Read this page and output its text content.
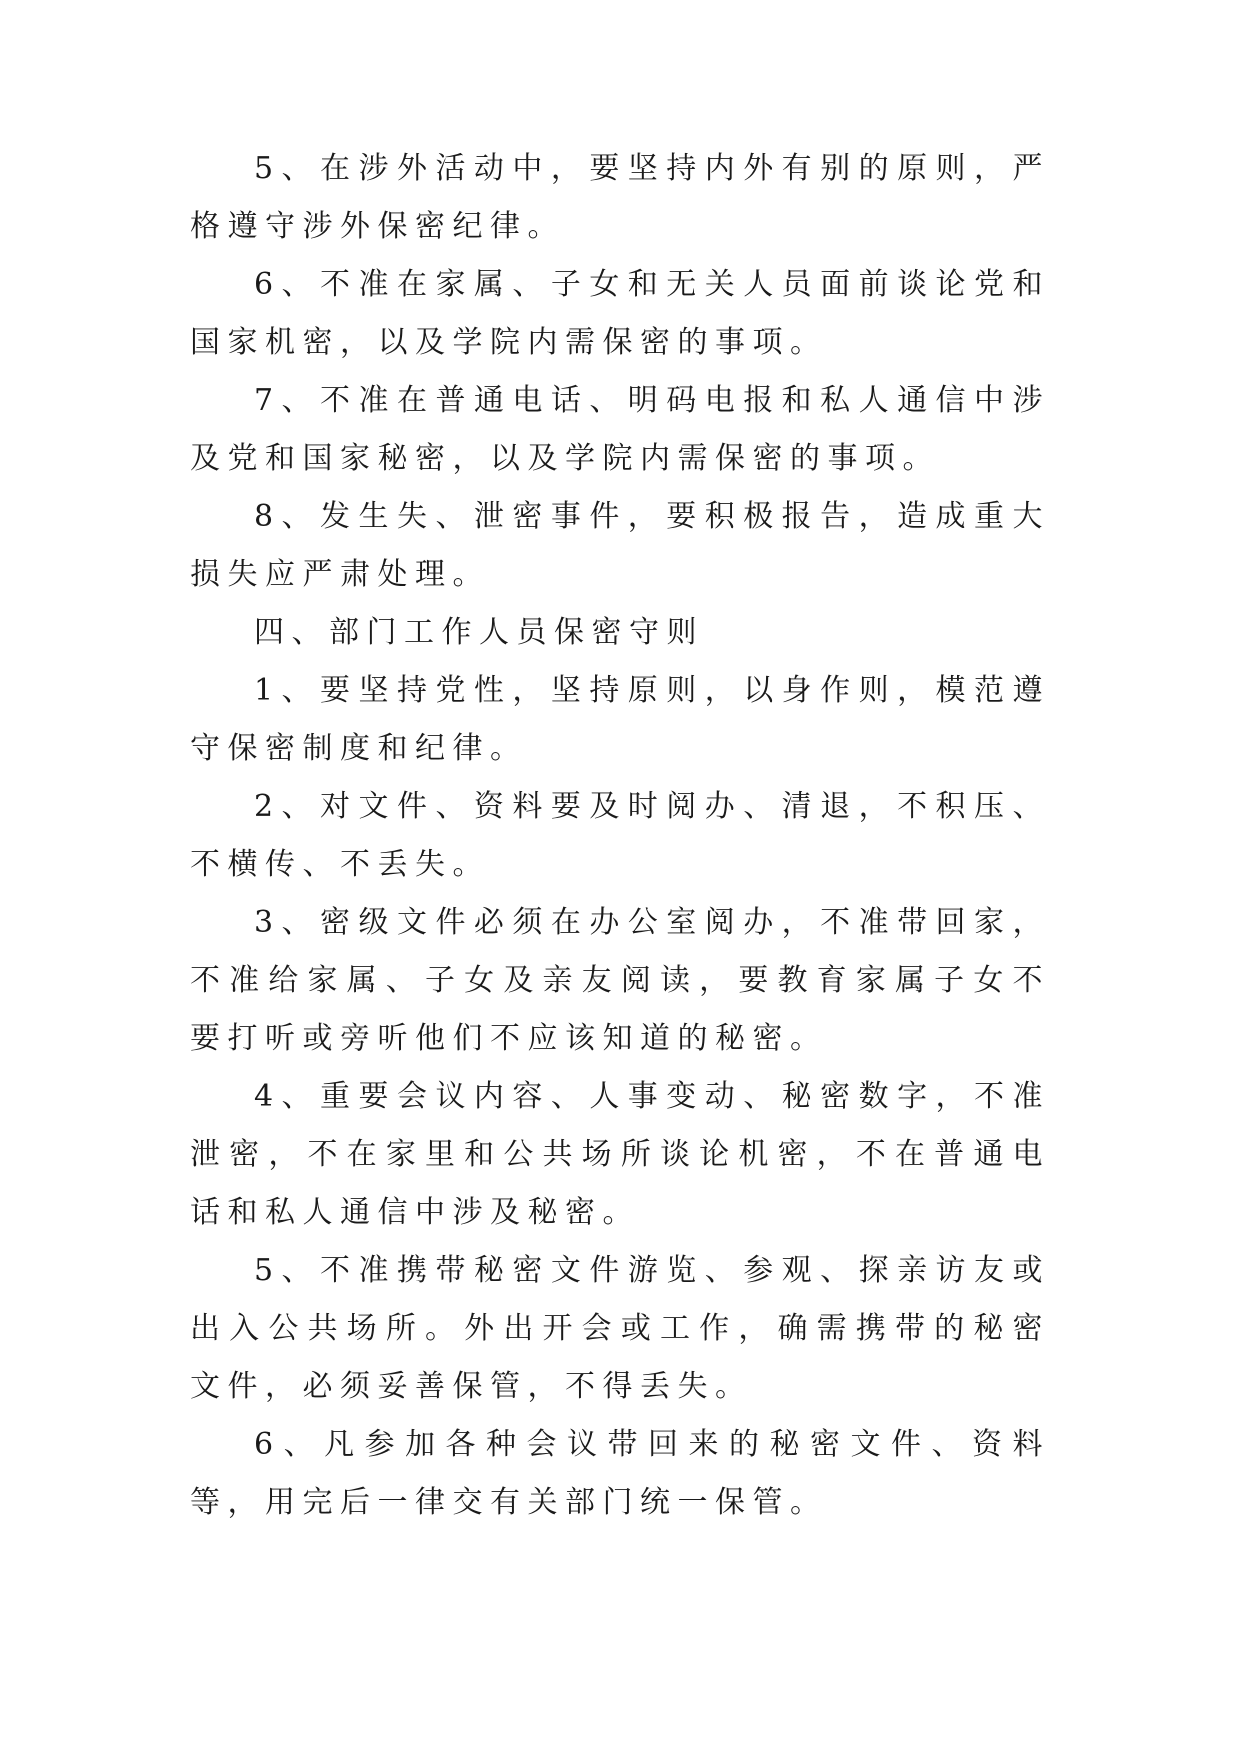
5、在涉外活动中，要坚持内外有别的原则，严格遵守涉外保密纪律。

6、不准在家属、子女和无关人员面前谈论党和国家机密，以及学院内需保密的事项。

7、不准在普通电话、明码电报和私人通信中涉及党和国家秘密，以及学院内需保密的事项。

8、发生失、泄密事件，要积极报告，造成重大损失应严肃处理。

四、部门工作人员保密守则

1、要坚持党性，坚持原则，以身作则，模范遵守保密制度和纪律。

2、对文件、资料要及时阅办、清退，不积压、不横传、不丢失。

3、密级文件必须在办公室阅办，不准带回家，不准给家属、子女及亲友阅读，要教育家属子女不要打听或旁听他们不应该知道的秘密。

4、重要会议内容、人事变动、秘密数字，不准泄密，不在家里和公共场所谈论机密，不在普通电话和私人通信中涉及秘密。

5、不准携带秘密文件游览、参观、探亲访友或出入公共场所。外出开会或工作，确需携带的秘密文件，必须妥善保管，不得丢失。

6、凡参加各种会议带回来的秘密文件、资料等，用完后一律交有关部门统一保管。
